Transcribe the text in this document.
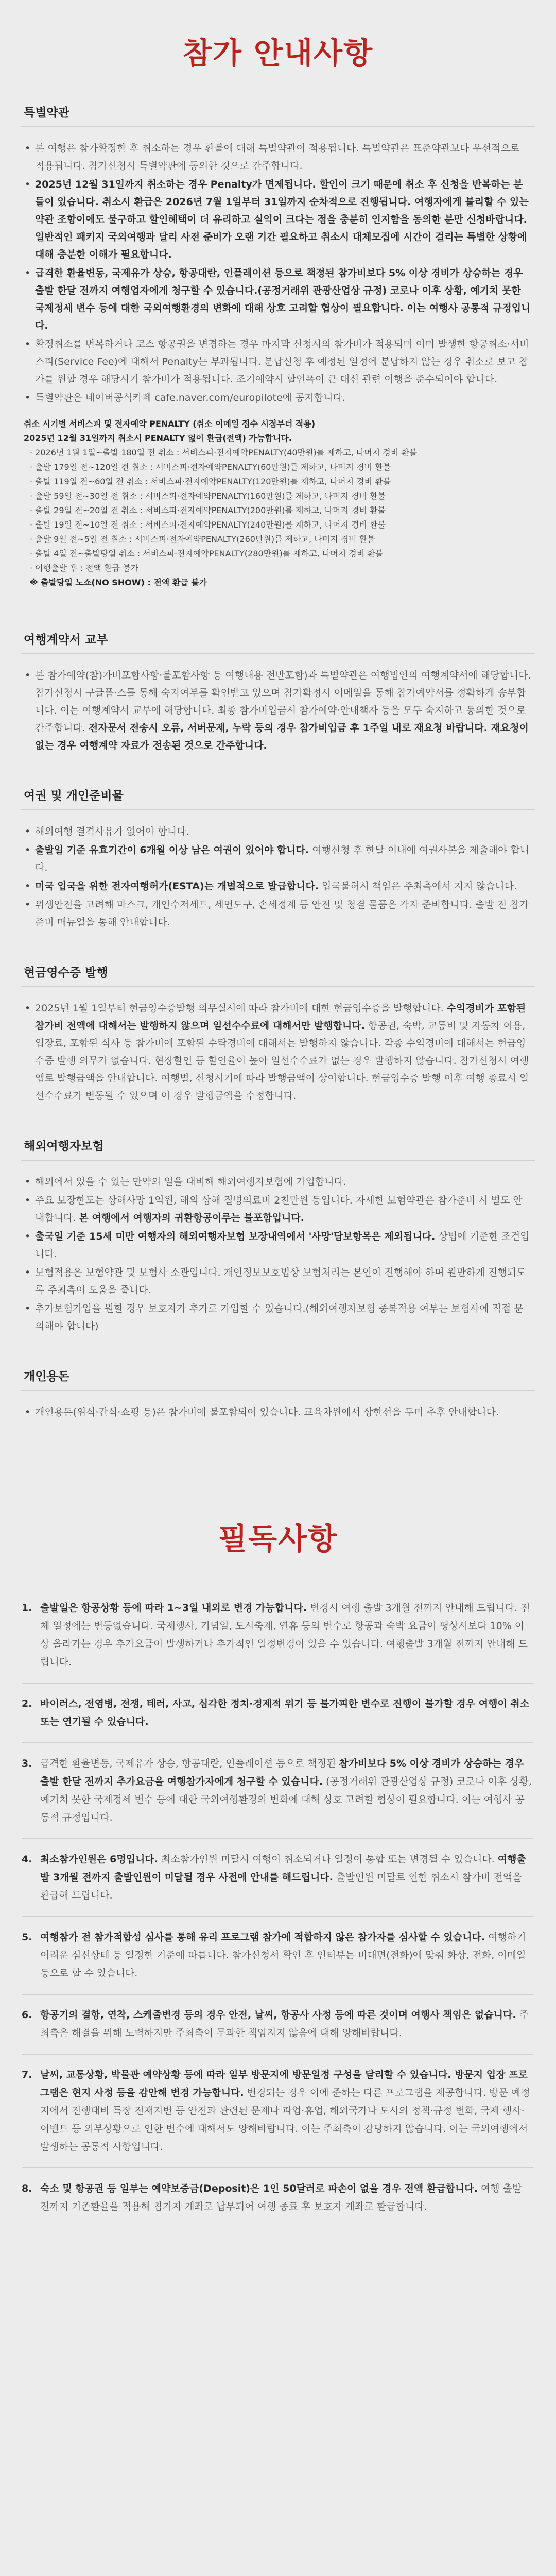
참가 안내사항
특별약관
• 본 여행은 참가확정한 후 취소하는 경우 환불에 대해 특별약관이 적용됩니다. 특별약관은 표준약관보다 우선적으로 적용됩니다. 참가신청시 특별약관에 동의한 것으로 간주합니다.
• 2025년 12월 31일까지 취소하는 경우 Penalty가 면제됩니다. 할인이 크기 때문에 취소 후 신청을 반복하는 분들이 있습니다. 취소시 환급은 2026년 7월 1일부터 31일까지 순차적으로 진행됩니다. 여행자에게 불리할 수 있는 약관 조항이에도 불구하고 할인혜택이 더 유리하고 실익이 크다는 점을 충분히 인지함을 동의한 분만 신청바랍니다. 일반적인 패키지 국외여행과 달리 사전 준비가 오랜 기간 필요하고 취소시 대체모집에 시간이 걸리는 특별한 상황에 대해 충분한 이해가 필요합니다.
• 급격한 환율변동, 국제유가 상승, 항공대란, 인플레이션 등으로 책정된 참가비보다 5% 이상 경비가 상승하는 경우 출발 한달 전까지 여행업자에게 청구할 수 있습니다.(공정거래위 관광산업상 규정) 코로나 이후 상황, 예기치 못한 국제정세 변수 등에 대한 국외여행환경의 변화에 대해 상호 고려할 협상이 필요합니다. 이는 여행사 공통적 규정입니다.
• 확정취소를 번복하거나 코스 항공권을 변경하는 경우 마지막 신청시의 참가비가 적용되며 이미 발생한 항공취소·서비스피(Service Fee)에 대해서 Penalty는 부과됩니다. 분납신청 후 예정된 일정에 분납하지 않는 경우 취소로 보고 참가를 원할 경우 해당시기 참가비가 적용됩니다. 조기예약시 할인폭이 큰 대신 관련 이행을 준수되어야 합니다.
• 특별약관은 네이버공식카페 cafe.naver.com/europilote에 공지합니다.
취소 시기별 서비스피 및 전자예약 PENALTY (취소 이메일 접수 시점부터 적용)
2025년 12월 31일까지 취소시 PENALTY 없이 환급(전액) 가능합니다.
· 2026년 1월 1일~출발 180일 전 취소 : 서비스피·전자예약PENALTY(40만원)를 제하고, 나머지 경비 환불
· 출발 179일 전~120일 전 취소 : 서비스피·전자예약PENALTY(60만원)를 제하고, 나머지 경비 환불
· 출발 119일 전~60일 전 취소 : 서비스피·전자예약PENALTY(120만원)를 제하고, 나머지 경비 환불
· 출발 59일 전~30일 전 취소 : 서비스피·전자예약PENALTY(160만원)를 제하고, 나머지 경비 환불
· 출발 29일 전~20일 전 취소 : 서비스피·전자예약PENALTY(200만원)를 제하고, 나머지 경비 환불
· 출발 19일 전~10일 전 취소 : 서비스피·전자예약PENALTY(240만원)를 제하고, 나머지 경비 환불
· 출발 9일 전~5일 전 취소 : 서비스피·전자예약PENALTY(260만원)를 제하고, 나머지 경비 환불
· 출발 4일 전~출발당일 취소 : 서비스피·전자예약PENALTY(280만원)를 제하고, 나머지 경비 환불
· 여행출발 후 : 전액 환급 불가
※ 출발당일 노쇼(NO SHOW) : 전액 환급 불가
여행계약서 교부
• 본 참가예약(참)가비포함사항·불포함사항 등 여행내용 전반포함)과 특별약관은 여행법인의 여행계약서에 해당합니다. 참가신청시 구글폼·스톨 통해 숙지여부를 확인받고 있으며 참가확정시 이메일을 통해 참가예약서를 정확하게 송부합니다. 이는 여행계약서 교부에 해당합니다. 최종 참가비입금시 참가예약·안내책자 등을 모두 숙지하고 동의한 것으로 간주합니다. 전자문서 전송시 오류, 서버문제, 누락 등의 경우 참가비입금 후 1주일 내로 재요청 바랍니다. 재요청이 없는 경우 여행계약 자료가 전송된 것으로 간주합니다.
여권 및 개인준비물
• 해외여행 결격사유가 없어야 합니다.
• 출발일 기준 유효기간이 6개월 이상 남은 여권이 있어야 합니다. 여행신청 후 한달 이내에 여권사본을 제출해야 합니다.
• 미국 입국을 위한 전자여행허가(ESTA)는 개별적으로 발급합니다. 입국불허시 책임은 주최측에서 지지 않습니다.
• 위생안전을 고려해 마스크, 개인수저세트, 세면도구, 손세정제 등 안전 및 청결 물품은 각자 준비합니다. 출발 전 참가준비 매뉴얼을 통해 안내합니다.
현금영수증 발행
• 2025년 1월 1일부터 현금영수증발행 의무실시에 따라 참가비에 대한 현금영수증을 발행합니다. 수익경비가 포함된 참가비 전액에 대해서는 발행하지 않으며 일선수수료에 대해서만 발행합니다. 항공권, 숙박, 교통비 및 자동차 이용, 입장료, 포함된 식사 등 참가비에 포함된 수탁경비에 대해서는 발행하지 않습니다. 각종 수익경비에 대해서는 현금영수증 발행 의무가 없습니다. 현장할인 등 할인율이 높아 일선수수료가 없는 경우 발행하지 않습니다. 참가신청시 여행앱로 발행금액을 안내합니다. 여행별, 신청시기에 따라 발행금액이 상이합니다. 현금영수증 발행 이후 여행 종료시 일선수수료가 변동될 수 있으며 이 경우 발행금액을 수정합니다.
해외여행자보험
• 해외에서 있을 수 있는 만약의 일을 대비해 해외여행자보험에 가입합니다.
• 주요 보장한도는 상해사망 1억원, 해외 상해 질병의료비 2천만원 등입니다. 자세한 보험약관은 참가준비 시 별도 안내합니다. 본 여행에서 여행자의 귀환항공이루는 불포함입니다.
• 출국일 기준 15세 미만 여행자의 해외여행자보험 보장내역에서 '사망'담보항목은 제외됩니다. 상법에 기준한 조건입니다.
• 보험적용은 보험약관 및 보험사 소관입니다. 개인정보보호법상 보험처리는 본인이 진행해야 하며 원만하게 진행되도록 주최측이 도움을 줍니다.
• 추가보험가입을 원할 경우 보호자가 추가로 가입할 수 있습니다.(해외여행자보험 중복적용 여부는 보험사에 직접 문의해야 합니다)
개인용돈
• 개인용돈(위식·간식·쇼핑 등)은 참가비에 불포함되어 있습니다. 교육차원에서 상한선을 두며 추후 안내합니다.
필독사항
1. 출발일은 항공상황 등에 따라 1~3일 내외로 변경 가능합니다. 변경시 여행 출발 3개월 전까지 안내해 드립니다. 전체 일정에는 변동없습니다. 국제행사, 기념일, 도시축제, 연휴 등의 변수로 항공과 숙박 요금이 평상시보다 10% 이상 올라가는 경우 추가요금이 발생하거나 추가적인 일정변경이 있을 수 있습니다. 여행출발 3개월 전까지 안내해 드립니다.
2. 바이러스, 전염병, 전쟁, 테러, 사고, 심각한 정치·경제적 위기 등 불가피한 변수로 진행이 불가할 경우 여행이 취소 또는 연기될 수 있습니다.
3. 급격한 환율변동, 국제유가 상승, 항공대란, 인플레이션 등으로 책정된 참가비보다 5% 이상 경비가 상승하는 경우 출발 한달 전까지 추가요금을 여행참가자에게 청구할 수 있습니다. (공정거래위 관광산업상 규정) 코로나 이후 상황, 예기치 못한 국제정세 변수 등에 대한 국외여행환경의 변화에 대해 상호 고려할 협상이 필요합니다. 이는 여행사 공통적 규정입니다.
4. 최소참가인원은 6명입니다. 최소참가인원 미달시 여행이 취소되거나 일정이 통합 또는 변경될 수 있습니다. 여행출발 3개월 전까지 출발인원이 미달될 경우 사전에 안내를 해드립니다. 출발인원 미달로 인한 취소시 참가비 전액을 환급해 드립니다.
5. 여행참가 전 참가적합성 심사를 통해 유리 프로그램 참가에 적합하지 않은 참가자를 심사할 수 있습니다. 여행하기 어려운 심신상태 등 일정한 기준에 따릅니다. 참가신청서 확인 후 인터뷰는 비대면(전화)에 맞춰 화상, 전화, 이메일 등으로 할 수 있습니다.
6. 항공기의 결항, 연착, 스케줄변경 등의 경우 안전, 날씨, 항공사 사정 등에 따른 것이며 여행사 책임은 없습니다. 주최측은 해결을 위해 노력하지만 주최측이 무과한 책임지지 않음에 대해 양해바랍니다.
7. 날씨, 교통상황, 박물관 예약상황 등에 따라 일부 방문지에 방문일정 구성을 달리할 수 있습니다. 방문지 입장 프로그램은 현지 사정 등을 감안해 변경 가능합니다. 변경되는 경우 이에 준하는 다른 프로그램을 제공합니다. 방문 예정지에서 진행대비 특장 전재지변 등 안전과 관련된 문제나 파업·휴업, 해외국가나 도시의 정책·규정 변화, 국제 행사·이벤트 등 외부상황으로 인한 변수에 대해서도 양해바랍니다. 이는 주최측이 감당하지 않습니다. 이는 국외여행에서 발생하는 공통적 사항입니다.
8. 숙소 및 항공권 등 일부는 예약보증금(Deposit)은 1인 50달러로 파손이 없을 경우 전액 환급합니다. 여행 출발 전까지 기존환율을 적용해 참가자 계좌로 납부되어 여행 종료 후 보호자 계좌로 환급합니다.
